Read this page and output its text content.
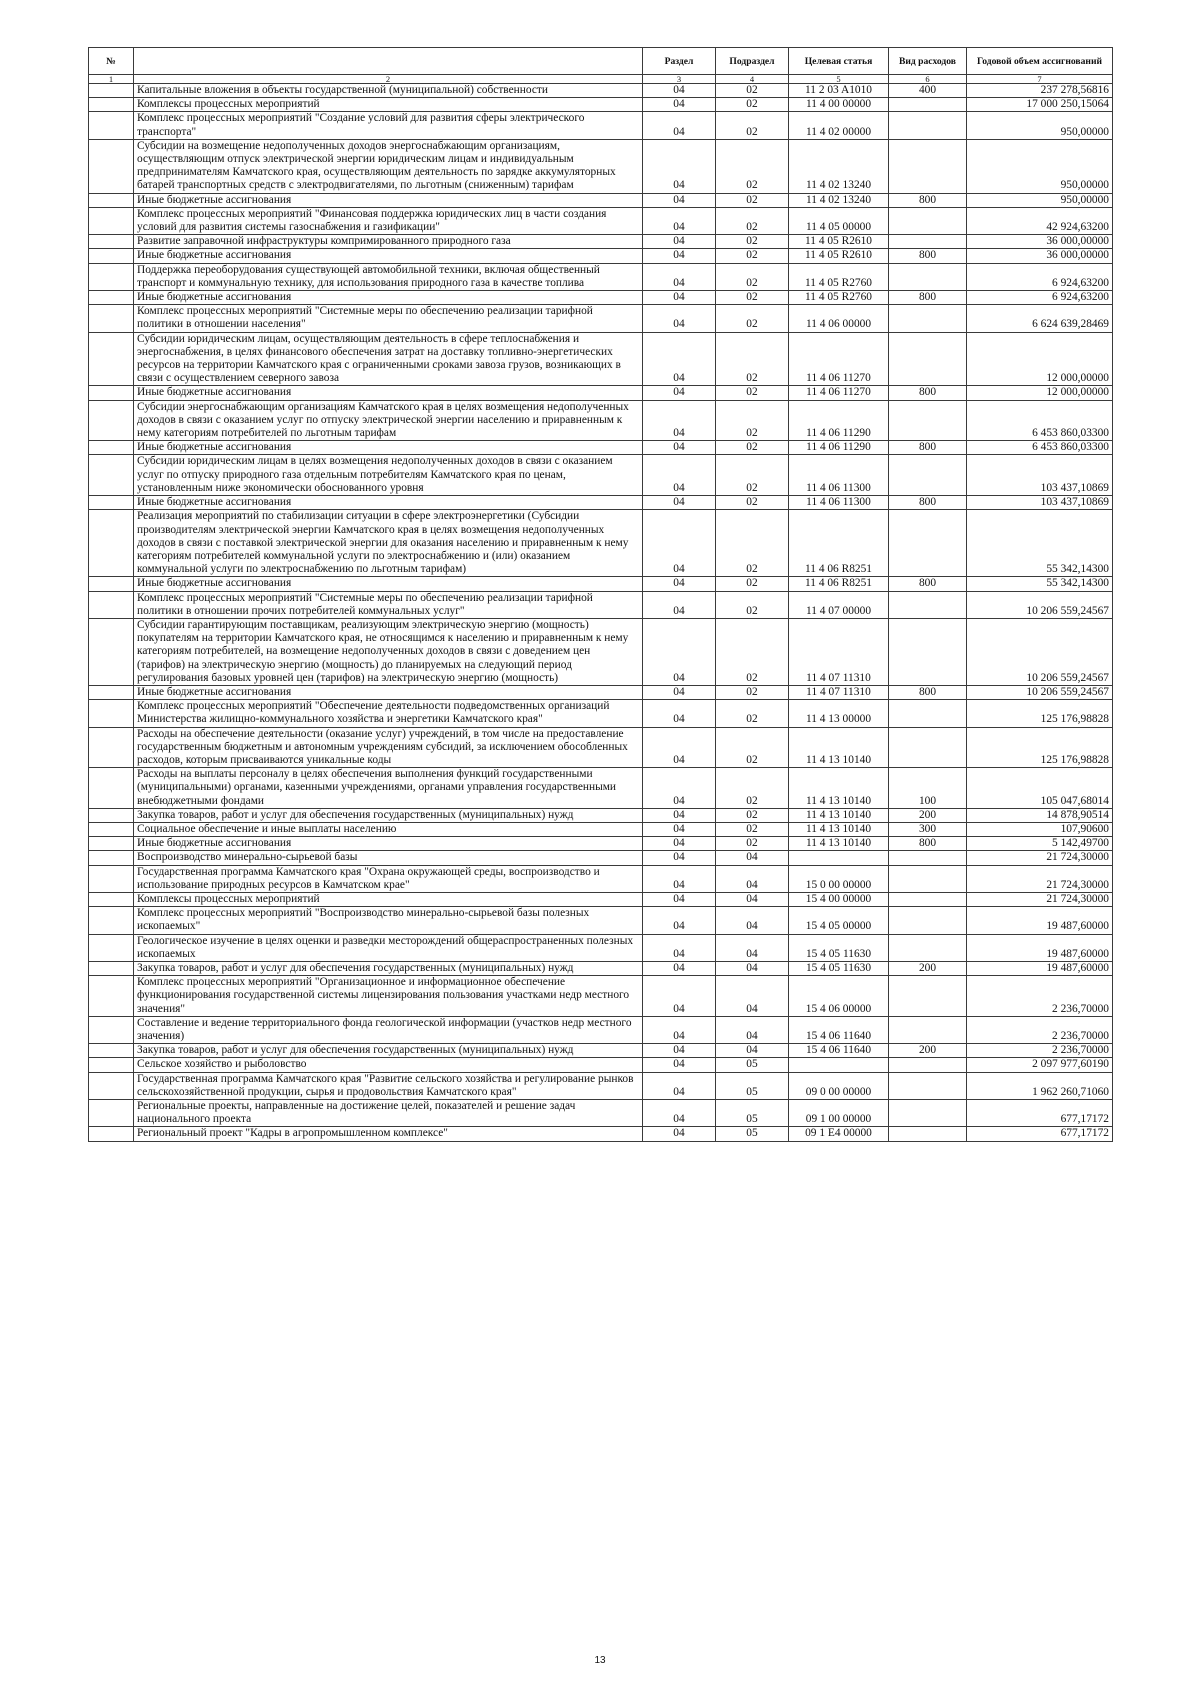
№		Раздел	Подраздел	Целевая статья	Вид расходов	Годовой объем ассигнований
1	2	3	4	5	6	7
	Капитальные вложения в объекты государственной (муниципальной) собственности	04	02	11 2 03 A1010	400	237 278,56816
	Комплексы процессных мероприятий	04	02	11 4 00 00000		17 000 250,15064
	Комплекс процессных мероприятий "Создание условий для развития сферы электрического транспорта"	04	02	11 4 02 00000		950,00000
	Субсидии на возмещение недополученных доходов энергоснабжающим организациям, осуществляющим отпуск электрической энергии юридическим лицам и индивидуальным предпринимателям Камчатского края, осуществляющим деятельность по зарядке аккумуляторных батарей транспортных средств с электродвигателями, по льготным (сниженным) тарифам	04	02	11 4 02 13240		950,00000
	Иные бюджетные ассигнования	04	02	11 4 02 13240	800	950,00000
	Комплекс процессных мероприятий "Финансовая поддержка юридических лиц в части создания условий для развития системы газоснабжения и газификации"	04	02	11 4 05 00000		42 924,63200
	Развитие заправочной инфраструктуры компримированного природного газа	04	02	11 4 05 R2610		36 000,00000
	Иные бюджетные ассигнования	04	02	11 4 05 R2610	800	36 000,00000
	Поддержка переоборудования существующей автомобильной техники, включая общественный транспорт и коммунальную технику, для использования природного газа в качестве топлива	04	02	11 4 05 R2760		6 924,63200
	Иные бюджетные ассигнования	04	02	11 4 05 R2760	800	6 924,63200
	Комплекс процессных мероприятий "Системные меры по обеспечению реализации тарифной политики в отношении населения"	04	02	11 4 06 00000		6 624 639,28469
	Субсидии юридическим лицам, осуществляющим деятельность в сфере теплоснабжения и энергоснабжения, в целях финансового обеспечения затрат на доставку топливно-энергетических ресурсов на территории Камчатского края с ограниченными сроками завоза грузов, возникающих в связи с осуществлением северного завоза	04	02	11 4 06 11270		12 000,00000
	Иные бюджетные ассигнования	04	02	11 4 06 11270	800	12 000,00000
	Субсидии энергоснабжающим организациям Камчатского края в целях возмещения недополученных доходов в связи с оказанием услуг по отпуску электрической энергии населению и приравненным к нему категориям потребителей по льготным тарифам	04	02	11 4 06 11290		6 453 860,03300
	Иные бюджетные ассигнования	04	02	11 4 06 11290	800	6 453 860,03300
	Субсидии юридическим лицам в целях возмещения недополученных доходов в связи с оказанием услуг по отпуску природного газа отдельным потребителям Камчатского края по ценам, установленным ниже экономически обоснованного уровня	04	02	11 4 06 11300		103 437,10869
	Иные бюджетные ассигнования	04	02	11 4 06 11300	800	103 437,10869
	Реализация мероприятий по стабилизации ситуации в сфере электроэнергетики (Субсидии производителям электрической энергии Камчатского края в целях возмещения недополученных доходов в связи с поставкой электрической энергии для оказания населению и приравненным к нему категориям потребителей коммунальной услуги по электроснабжению и (или) оказанием коммунальной услуги по электроснабжению по льготным тарифам)	04	02	11 4 06 R8251		55 342,14300
	Иные бюджетные ассигнования	04	02	11 4 06 R8251	800	55 342,14300
	Комплекс процессных мероприятий "Системные меры по обеспечению реализации тарифной политики в отношении прочих потребителей коммунальных услуг"	04	02	11 4 07 00000		10 206 559,24567
	Субсидии гарантирующим поставщикам, реализующим электрическую энергию (мощность) покупателям на территории Камчатского края, не относящимся к населению и приравненным к нему категориям потребителей, на возмещение недополученных доходов в связи с доведением цен (тарифов) на электрическую энергию (мощность) до планируемых на следующий период регулирования базовых уровней цен (тарифов) на электрическую энергию (мощность)	04	02	11 4 07 11310		10 206 559,24567
	Иные бюджетные ассигнования	04	02	11 4 07 11310	800	10 206 559,24567
	Комплекс процессных мероприятий "Обеспечение деятельности подведомственных организаций Министерства жилищно-коммунального хозяйства и энергетики Камчатского края"	04	02	11 4 13 00000		125 176,98828
	Расходы на обеспечение деятельности (оказание услуг) учреждений, в том числе на предоставление государственным бюджетным и автономным учреждениям субсидий, за исключением обособленных расходов, которым присваиваются уникальные коды	04	02	11 4 13 10140		125 176,98828
	Расходы на выплаты персоналу в целях обеспечения выполнения функций государственными (муниципальными) органами, казенными учреждениями, органами управления государственными внебюджетными фондами	04	02	11 4 13 10140	100	105 047,68014
	Закупка товаров, работ и услуг для обеспечения государственных (муниципальных) нужд	04	02	11 4 13 10140	200	14 878,90514
	Социальное обеспечение и иные выплаты населению	04	02	11 4 13 10140	300	107,90600
	Иные бюджетные ассигнования	04	02	11 4 13 10140	800	5 142,49700
	Воспроизводство минерально-сырьевой базы	04	04			21 724,30000
	Государственная программа Камчатского края "Охрана окружающей среды, воспроизводство и использование природных ресурсов в Камчатском крае"	04	04	15 0 00 00000		21 724,30000
	Комплексы процессных мероприятий	04	04	15 4 00 00000		21 724,30000
	Комплекс процессных мероприятий "Воспроизводство минерально-сырьевой базы полезных ископаемых"	04	04	15 4 05 00000		19 487,60000
	Геологическое изучение в целях оценки и разведки месторождений общераспространенных полезных ископаемых	04	04	15 4 05 11630		19 487,60000
	Закупка товаров, работ и услуг для обеспечения государственных (муниципальных) нужд	04	04	15 4 05 11630	200	19 487,60000
	Комплекс процессных мероприятий "Организационное и информационное обеспечение функционирования государственной системы лицензирования пользования участками недр местного значения"	04	04	15 4 06 00000		2 236,70000
	Составление и ведение территориального фонда геологической информации (участков недр местного значения)	04	04	15 4 06 11640		2 236,70000
	Закупка товаров, работ и услуг для обеспечения государственных (муниципальных) нужд	04	04	15 4 06 11640	200	2 236,70000
	Сельское хозяйство и рыболовство	04	05			2 097 977,60190
	Государственная программа Камчатского края "Развитие сельского хозяйства и регулирование рынков сельскохозяйственной продукции, сырья и продовольствия Камчатского края"	04	05	09 0 00 00000		1 962 260,71060
	Региональные проекты, направленные на достижение целей, показателей и решение задач национального проекта	04	05	09 1 00 00000		677,17172
	Региональный проект "Кадры в агропромышленном комплексе"	04	05	09 1 E4 00000		677,17172
13
